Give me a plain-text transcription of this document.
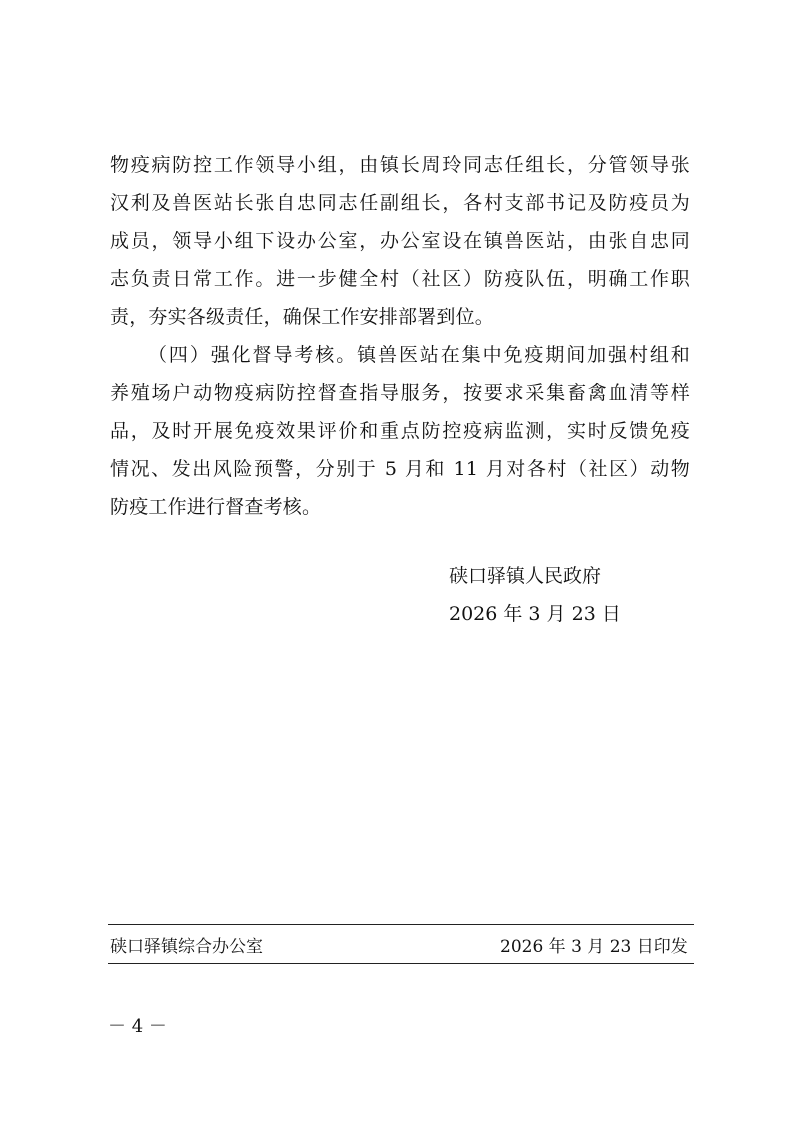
物疫病防控工作领导小组，由镇长周玲同志任组长，分管领导张
汉利及兽医站长张自忠同志任副组长，各村支部书记及防疫员为
成员，领导小组下设办公室，办公室设在镇兽医站，由张自忠同
志负责日常工作。进一步健全村（社区）防疫队伍，明确工作职
责，夯实各级责任，确保工作安排部署到位。
（四）强化督导考核。镇兽医站在集中免疫期间加强村组和
养殖场户动物疫病防控督查指导服务，按要求采集畜禽血清等样
品，及时开展免疫效果评价和重点防控疫病监测，实时反馈免疫
情况、发出风险预警，分别于 5 月和 11 月对各村（社区）动物
防疫工作进行督查考核。
硖口驿镇人民政府
2026 年 3 月 23 日
硖口驿镇综合办公室	2026 年 3 月 23 日印发
－ 4 －
